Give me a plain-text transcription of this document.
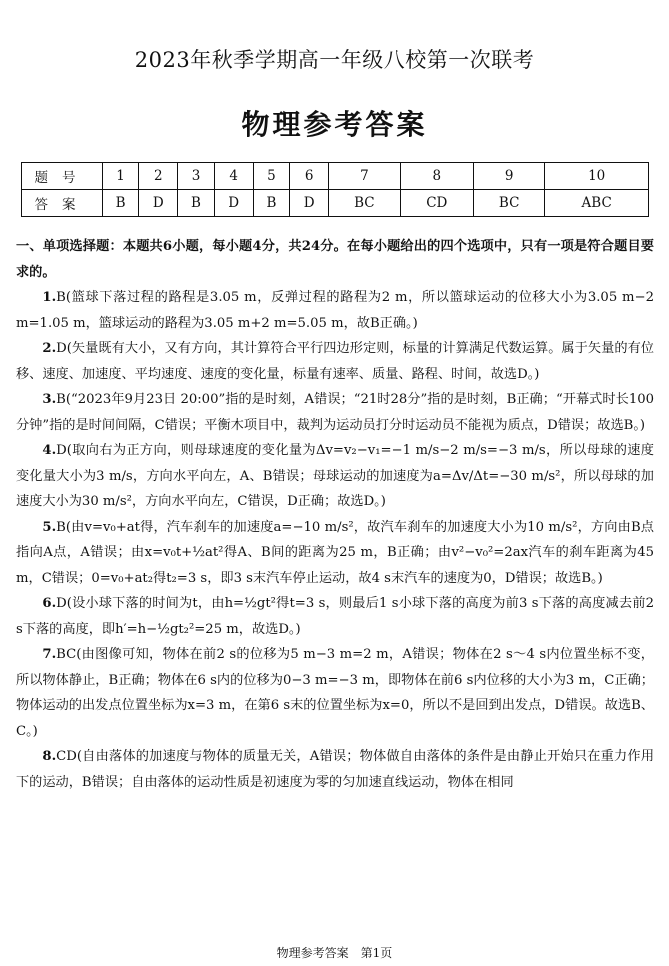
2023年秋季学期高一年级八校第一次联考
物理参考答案
题号	1	2	3	4	5	6	7	8	9	10
答案	B	D	B	D	B	D	BC	CD	BC	ABC

一、单项选择题：本题共6小题，每小题4分，共24分。在每小题给出的四个选项中，只有一项是符合题目要求的。

1.B(篮球下落过程的路程是3.05 m，反弹过程的路程为2 m，所以篮球运动的位移大小为3.05 m−2 m=1.05 m，篮球运动的路程为3.05 m+2 m=5.05 m，故B正确。)

2.D(矢量既有大小，又有方向，其计算符合平行四边形定则，标量的计算满足代数运算。属于矢量的有位移、速度、加速度、平均速度、速度的变化量，标量有速率、质量、路程、时间，故选D。)

3.B(“2023年9月23日 20:00”指的是时刻，A错误；“21时28分”指的是时刻，B正确；“开幕式时长100分钟”指的是时间间隔，C错误；平衡木项目中，裁判为运动员打分时运动员不能视为质点，D错误；故选B。)

4.D(取向右为正方向，则母球速度的变化量为Δv=v₂−v₁=−1 m/s−2 m/s=−3 m/s，所以母球的速度变化量大小为3 m/s，方向水平向左，A、B错误；母球运动的加速度为a=Δv/Δt=−30 m/s²，所以母球的加速度大小为30 m/s²，方向水平向左，C错误，D正确；故选D。)

5.B(由v=v₀+at得，汽车刹车的加速度a=−10 m/s²，故汽车刹车的加速度大小为10 m/s²，方向由B点指向A点，A错误；由x=v₀t+½at²得A、B间的距离为25 m，B正确；由v²−v₀²=2ax汽车的刹车距离为45 m，C错误；0=v₀+at₂得t₂=3 s，即3 s末汽车停止运动，故4 s末汽车的速度为0，D错误；故选B。)

6.D(设小球下落的时间为t，由h=½gt²得t=3 s，则最后1 s小球下落的高度为前3 s下落的高度减去前2 s下落的高度，即h′=h−½gt₂²=25 m，故选D。)

7.BC(由图像可知，物体在前2 s的位移为5 m−3 m=2 m，A错误；物体在2 s～4 s内位置坐标不变，所以物体静止，B正确；物体在6 s内的位移为0−3 m=−3 m，即物体在前6 s内位移的大小为3 m，C正确；物体运动的出发点位置坐标为x=3 m，在第6 s末的位置坐标为x=0，所以不是回到出发点，D错误。故选B、C。)

8.CD(自由落体的加速度与物体的质量无关，A错误；物体做自由落体的条件是由静止开始只在重力作用下的运动，B错误；自由落体的运动性质是初速度为零的匀加速直线运动，物体在相同

物理参考答案　第1页
